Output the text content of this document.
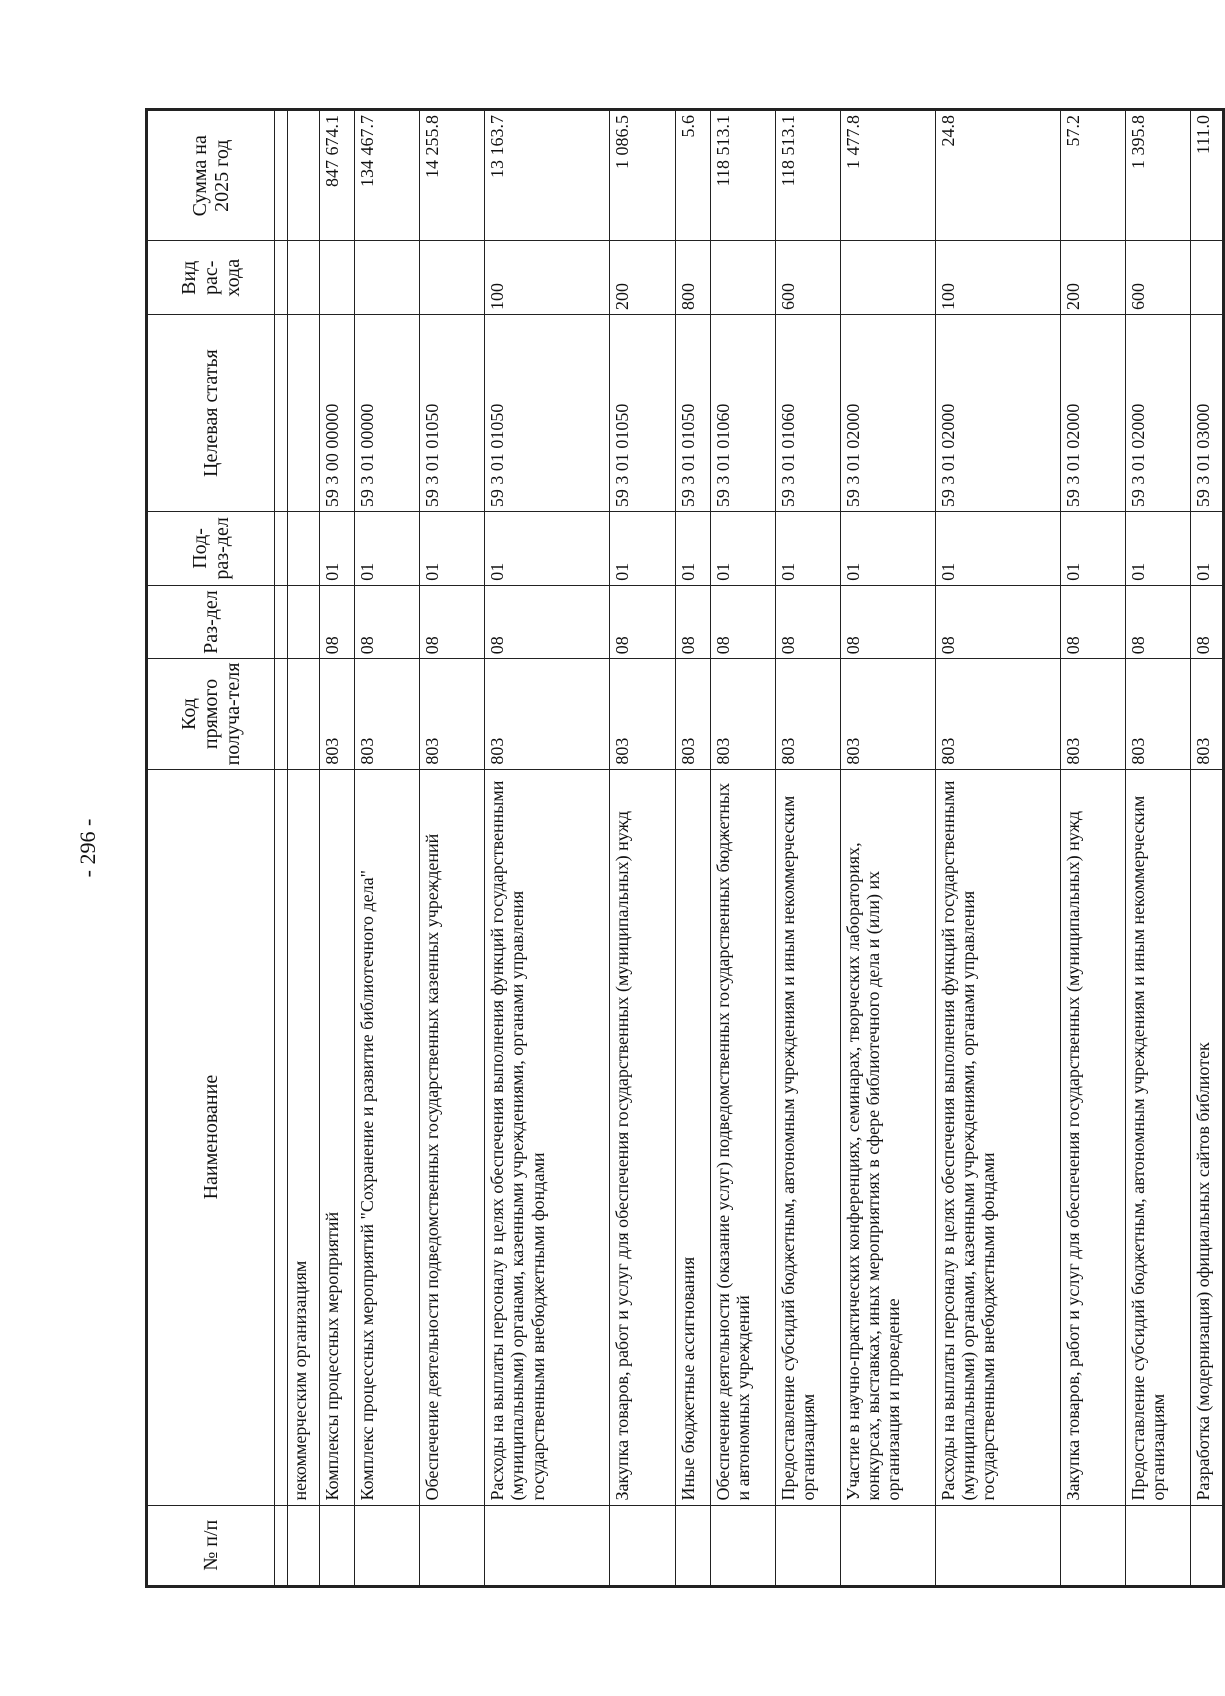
- 296 -
№ п/п	Наименование	Код прямого получа-теля	Раз-дел	Под-раз-дел	Целевая статья	Вид рас-хода	Сумма на 2025 год

	некоммерческим организациям						
	Комплексы процессных мероприятий	803	08	01	59 3 00 00000		847 674.1
	Комплекс процессных мероприятий "Сохранение и развитие библиотечного дела"	803	08	01	59 3 01 00000		134 467.7
	Обеспечение деятельности подведомственных государственных казенных учреждений	803	08	01	59 3 01 01050		14 255.8
	Расходы на выплаты персоналу в целях обеспечения выполнения функций государственными (муниципальными) органами, казенными учреждениями, органами управления государственными внебюджетными фондами	803	08	01	59 3 01 01050	100	13 163.7
	Закупка товаров, работ и услуг для обеспечения государственных (муниципальных) нужд	803	08	01	59 3 01 01050	200	1 086.5
	Иные бюджетные ассигнования	803	08	01	59 3 01 01050	800	5.6
	Обеспечение деятельности (оказание услуг) подведомственных государственных бюджетных и автономных учреждений	803	08	01	59 3 01 01060		118 513.1
	Предоставление субсидий бюджетным, автономным учреждениям и иным некоммерческим организациям	803	08	01	59 3 01 01060	600	118 513.1
	Участие в научно-практических конференциях, семинарах, творческих лабораториях, конкурсах, выставках, иных мероприятиях в сфере библиотечного дела и (или) их организация и проведение	803	08	01	59 3 01 02000		1 477.8
	Расходы на выплаты персоналу в целях обеспечения выполнения функций государственными (муниципальными) органами, казенными учреждениями, органами управления государственными внебюджетными фондами	803	08	01	59 3 01 02000	100	24.8
	Закупка товаров, работ и услуг для обеспечения государственных (муниципальных) нужд	803	08	01	59 3 01 02000	200	57.2
	Предоставление субсидий бюджетным, автономным учреждениям и иным некоммерческим организациям	803	08	01	59 3 01 02000	600	1 395.8
	Разработка (модернизация) официальных сайтов библиотек	803	08	01	59 3 01 03000		111.0
